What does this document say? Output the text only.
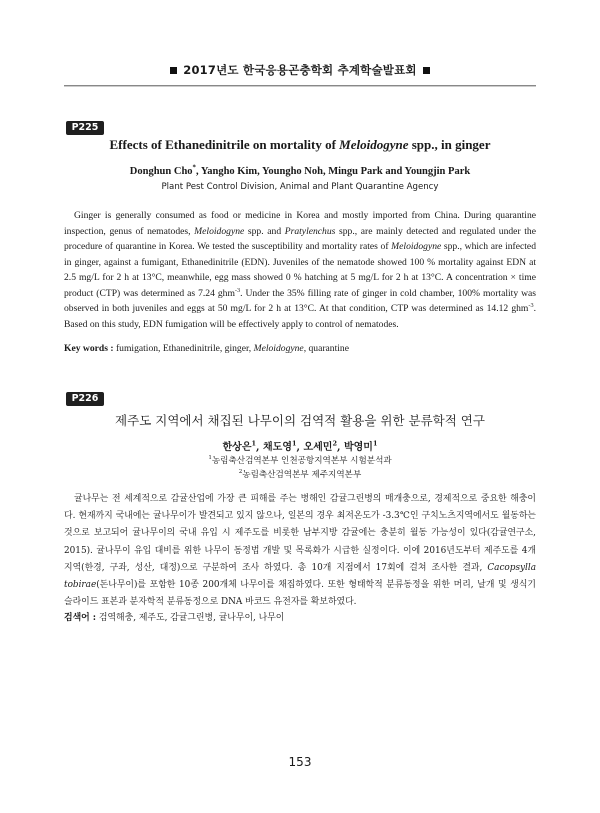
2017년도 한국응용곤충학회 추계학술발표회
P225
Effects of Ethanedinitrile on mortality of Meloidogyne spp., in ginger
Donghun Cho*, Yangho Kim, Youngho Noh, Mingu Park and Youngjin Park
Plant Pest Control Division, Animal and Plant Quarantine Agency

Ginger is generally consumed as food or medicine in Korea and mostly imported from China. During quarantine inspection, genus of nematodes, Meloidogyne spp. and Pratylenchus spp., are mainly detected and regulated under the procedure of quarantine in Korea. We tested the susceptibility and mortality rates of Meloidogyne spp., which are infected in ginger, against a fumigant, Ethanedinitrile (EDN). Juveniles of the nematode showed 100 % mortality against EDN at 2.5 mg/L for 2 h at 13°C, meanwhile, egg mass showed 0 % hatching at 5 mg/L for 2 h at 13°C. A concentration × time product (CTP) was determined as 7.24 ghm$^{-3}$. Under the 35% filling rate of ginger in cold chamber, 100% mortality was observed in both juveniles and eggs at 50 mg/L for 2 h at 13°C. At that condition, CTP was determined as 14.12 ghm$^{-3}$. Based on this study, EDN fumigation will be effectively apply to control of nematodes.

Key words : fumigation, Ethanedinitrile, ginger, Meloidogyne, quarantine
P226
제주도 지역에서 채집된 나무이의 검역적 활용을 위한 분류학적 연구
한상은$^1$, 채도영$^1$, 오세민$^2$, 박영미$^1$
$^1$농림축산검역본부 인천공항지역본부 시험분석과
$^2$농림축산검역본부 제주지역본부

귤나무는 전 세계적으로 감귤산업에 가장 큰 피해를 주는 병해인 감귤그린병의 매개충으로, 경제적으로 중요한 해충이다. 현재까지 국내에는 귤나무이가 발견되고 있지 않으나, 일본의 경우 최저온도가 -3.3℃인 구치노츠지역에서도 월동하는 것으로 보고되어 귤나무이의 국내 유입 시 제주도를 비롯한 남부지방 감귤에는 충분히 월동 가능성이 있다(감귤연구소, 2015). 귤나무이 유입 대비를 위한 나무이 동정법 개발 및 목록화가 시급한 실정이다. 이에 2016년도부터 제주도를 4개 지역(한경, 구좌, 성산, 대정)으로 구분하여 조사 하였다. 총 10개 지점에서 17회에 걸쳐 조사한 결과, Cacopsylla tobirae(돈나무이)를 포함한 10종 200개체 나무이를 채집하였다. 또한 형태학적 분류동정을 위한 머리, 날개 및 생식기 슬라이드 표본과 분자학적 분류동정으로 DNA 바코드 유전자를 확보하였다.

검색어 : 검역해충, 제주도, 감귤그린병, 귤나무이, 나무이
153
